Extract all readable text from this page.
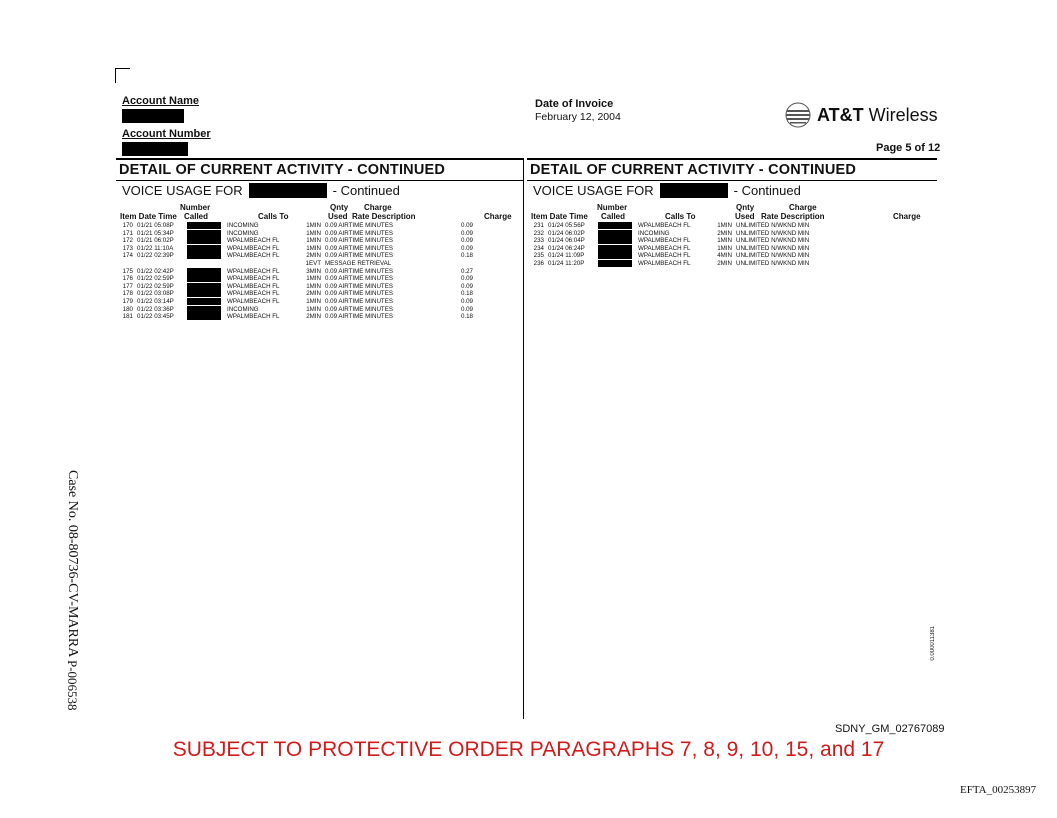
Account Name
Account Number
Date of Invoice
February 12, 2004	AT&T Wireless
Page 5 of 12
DETAIL OF CURRENT ACTIVITY - CONTINUED	DETAIL OF CURRENT ACTIVITY - CONTINUED
VOICE USAGE FOR	- Continued	VOICE USAGE FOR	- Continued
Number
Item Date Time Called	Calls To
Qnty
Used
Charge
Rate Description	Charge
Number
Item Date Time Called	Calls To
Qnty
Used
Charge
Rate Description	Charge
170 01/21 05:08P	INCOMING	1MIN 0.09 AIRTIME MINUTES	0.09
171 01/21 05:34P	INCOMING	1MIN 0.09 AIRTIME MINUTES	0.09
172 01/21 06:02P	WPALMBEACH FL	1MIN 0.09 AIRTIME MINUTES	0.09
173 01/22 11:10A	WPALMBEACH FL	1MIN 0.09 AIRTIME MINUTES	0.09
174 01/22 02:39P	WPALMBEACH FL	2MIN 0.09 AIRTIME MINUTES	0.18
1EVT MESSAGE RETRIEVAL
175 01/22 02:42P	WPALMBEACH FL	3MIN 0.09 AIRTIME MINUTES	0.27
176 01/22 02:59P	WPALMBEACH FL	1MIN 0.09 AIRTIME MINUTES	0.09
177 01/22 02:59P	WPALMBEACH FL	1MIN 0.09 AIRTIME MINUTES	0.09
178 01/22 03:08P	WPALMBEACH FL	2MIN 0.09 AIRTIME MINUTES	0.18
179 01/22 03:14P	WPALMBEACH FL	1MIN 0.09 AIRTIME MINUTES	0.09
180 01/22 03:36P	INCOMING	1MIN 0.09 AIRTIME MINUTES	0.09
181 01/22 03:45P	WPALMBEACH FL	2MIN 0.09 AIRTIME MINUTES	0.18
231 01/24 05:56P	WPALMBEACH FL	1MIN UNLIMITED N/WKND MIN
232 01/24 06:02P	INCOMING	2MIN UNLIMITED N/WKND MIN
233 01/24 06:04P	WPALMBEACH FL	1MIN UNLIMITED N/WKND MIN
234 01/24 06:24P	WPALMBEACH FL	1MIN UNLIMITED N/WKND MIN
235 01/24 11:09P	WPALMBEACH FL	4MIN UNLIMITED N/WKND MIN
236 01/24 11:20P	WPALMBEACH FL	2MIN UNLIMITED N/WKND MIN
Case No. 08-80736-CV-MARRA
P-006538
0.000011381
SDNY_GM_02767089
SUBJECT TO PROTECTIVE ORDER PARAGRAPHS 7, 8, 9, 10, 15, and 17
EFTA_00253897
